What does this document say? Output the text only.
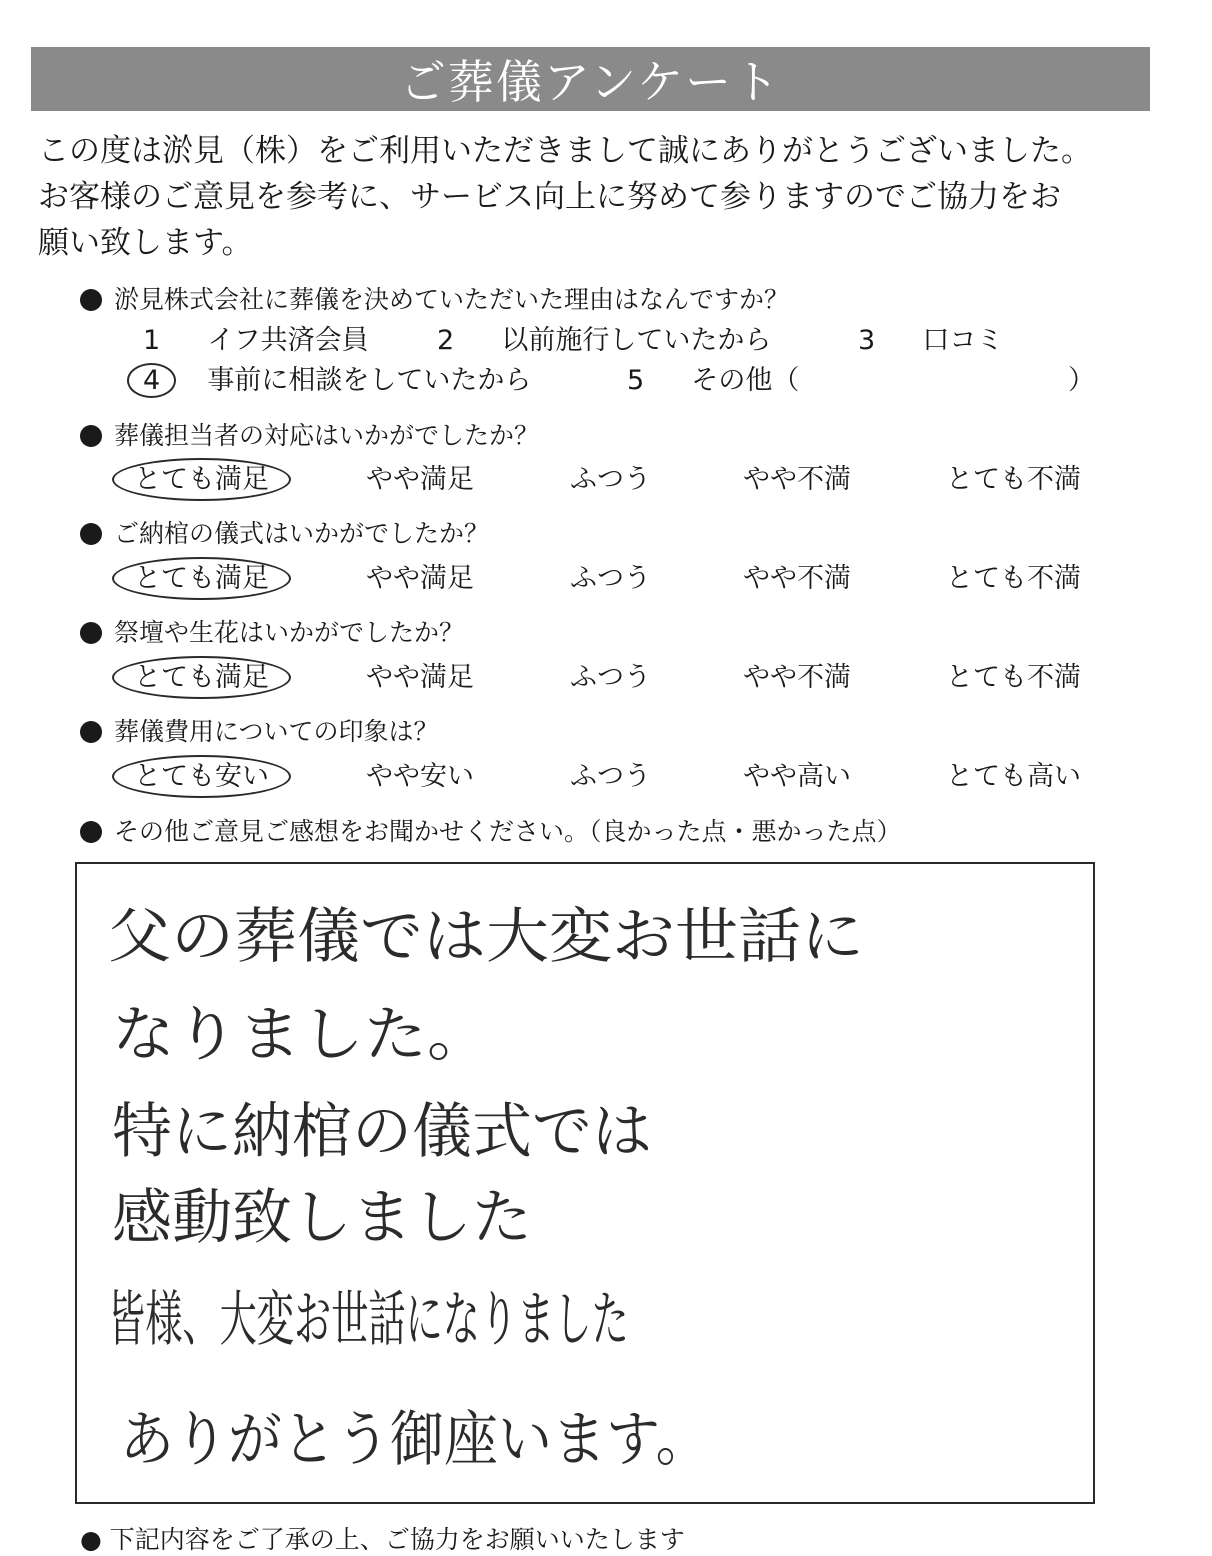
ご葬儀アンケート
この度は淤見（株）をご利用いただきまして誠にありがとうございました。
お客様のご意見を参考に、サービス向上に努めて参りますのでご協力をお
願い致します。
淤見株式会社に葬儀を決めていただいた理由はなんですか？
1 イフ共済会員	2 以前施行していたから	3 口コミ
4 事前に相談をしていたから	5 その他（	）
葬儀担当者の対応はいかがでしたか？
とても満足	やや満足	ふつう	やや不満	とても不満
ご納棺の儀式はいかがでしたか？
とても満足	やや満足	ふつう	やや不満	とても不満
祭壇や生花はいかがでしたか？
とても満足	やや満足	ふつう	やや不満	とても不満
葬儀費用についての印象は？
とても安い	やや安い	ふつう	やや高い	とても高い
その他ご意見ご感想をお聞かせください。（良かった点・悪かった点）
父の葬儀では大変お世話に
なりました。
特に納棺の儀式では
感動致しました
皆様、大変お世話になりました
ありがとう御座います。
● 下記内容をご了承の上、ご協力をお願いいたします
